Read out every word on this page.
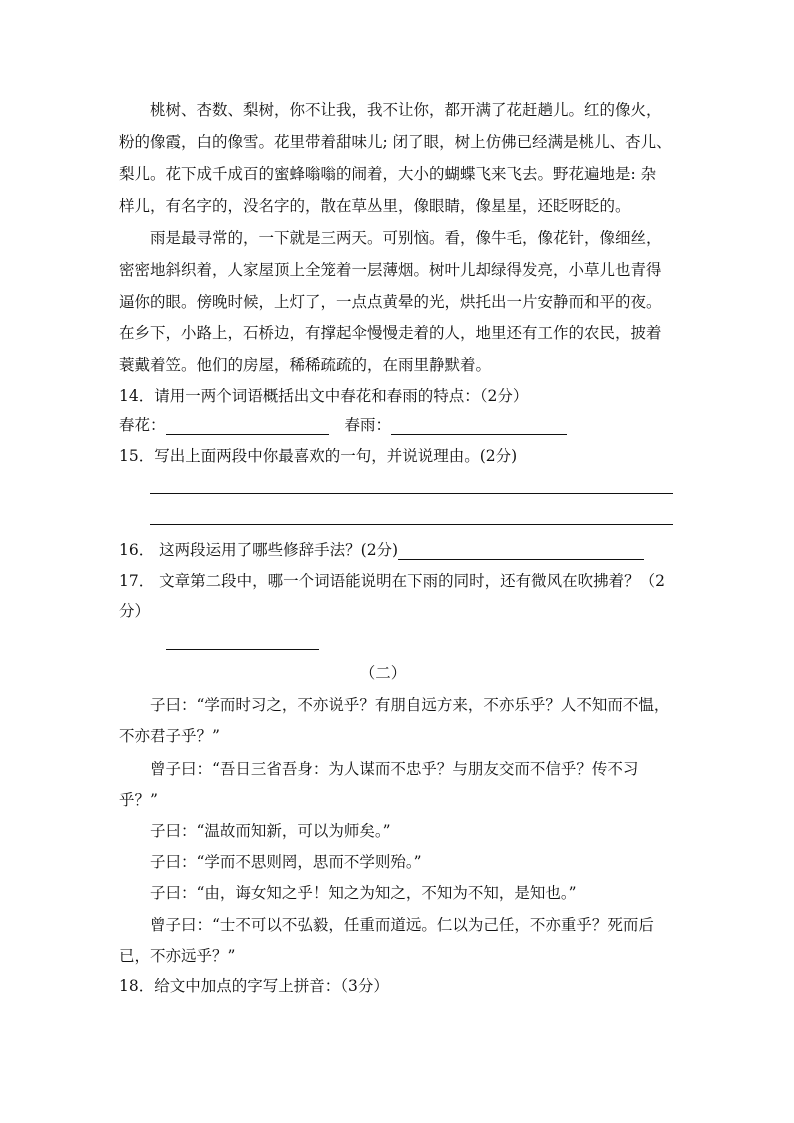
桃树、杏数、梨树，你不让我，我不让你，都开满了花赶趟儿。红的像火，
粉的像霞，白的像雪。花里带着甜味儿; 闭了眼，树上仿佛已经满是桃儿、杏儿、
梨儿。花下成千成百的蜜蜂嗡嗡的闹着，大小的蝴蝶飞来飞去。野花遍地是: 杂
样儿，有名字的，没名字的，散在草丛里，像眼睛，像星星，还眨呀眨的。
雨是最寻常的，一下就是三两天。可别恼。看，像牛毛，像花针，像细丝，
密密地斜织着，人家屋顶上全笼着一层薄烟。树叶儿却绿得发亮，小草儿也青得
逼你的眼。傍晚时候，上灯了，一点点黄晕的光，烘托出一片安静而和平的夜。
在乡下，小路上，石桥边，有撑起伞慢慢走着的人，地里还有工作的农民，披着
蓑戴着笠。他们的房屋，稀稀疏疏的，在雨里静默着。
14．请用一两个词语概括出文中春花和春雨的特点：（2分）
春花：	春雨：
15．写出上面两段中你最喜欢的一句，并说说理由。(2分)
16． 这两段运用了哪些修辞手法？(2分)
17． 文章第二段中，哪一个词语能说明在下雨的同时，还有微风在吹拂着？（2
分）
（二）
子曰：“学而时习之，不亦说乎？有朋自远方来，不亦乐乎？人不知而不愠，
不亦君子乎？”
曾子曰：“吾日三省吾身：为人谋而不忠乎？与朋友交而不信乎？传不习
乎？”
子曰：“温故而知新，可以为师矣。”
子曰：“学而不思则罔，思而不学则殆。”
子曰：“由，诲女知之乎！知之为知之，不知为不知，是知也。”
曾子曰：“士不可以不弘毅，任重而道远。仁以为己任，不亦重乎？死而后
已，不亦远乎？”
18．给文中加点的字写上拼音：（3分）
